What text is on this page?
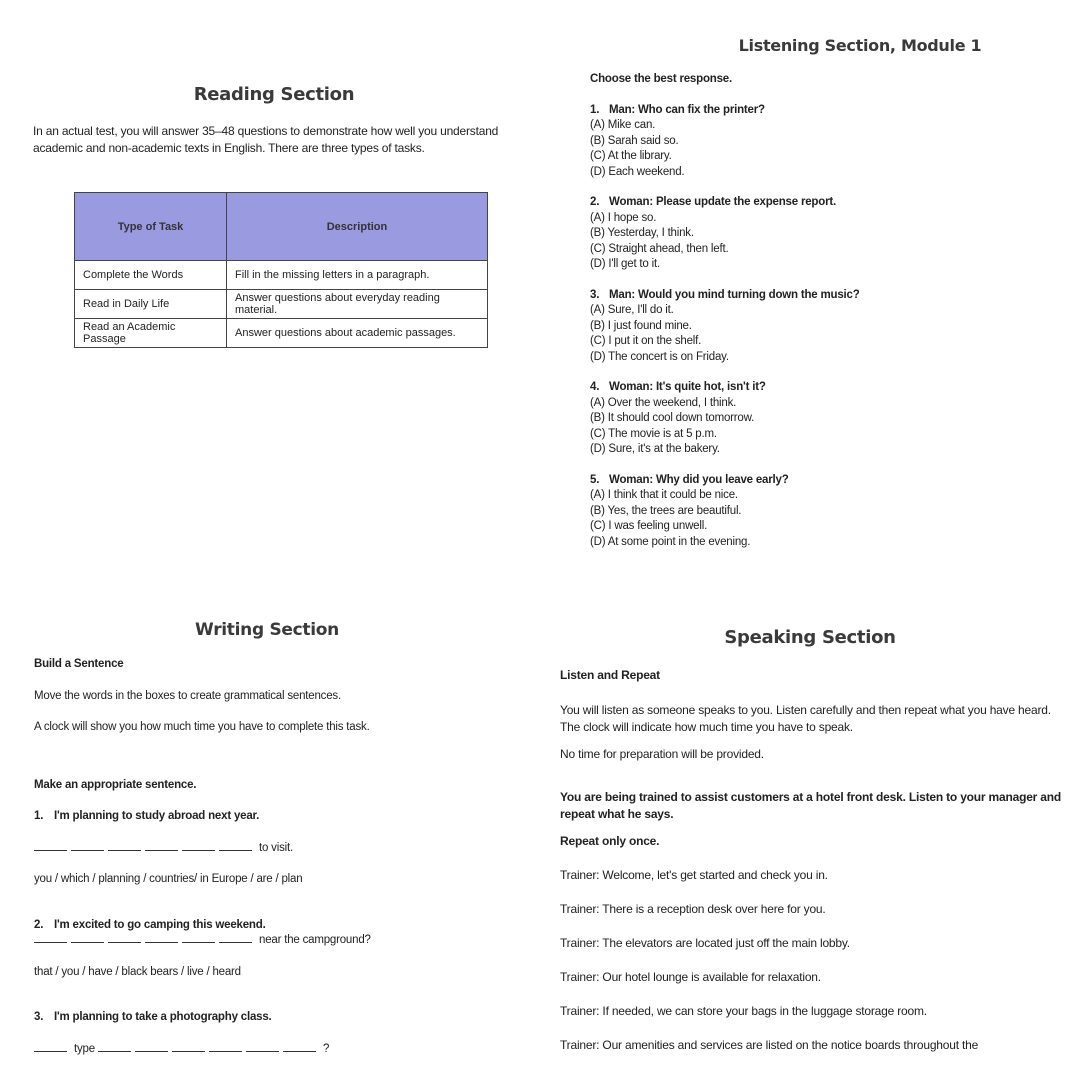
Reading Section

In an actual test, you will answer 35–48 questions to demonstrate how well you understand academic and non-academic texts in English. There are three types of tasks.

Type of Task	Description
Complete the Words	Fill in the missing letters in a paragraph.
Read in Daily Life	Answer questions about everyday reading material.
Read an Academic Passage	Answer questions about academic passages.
Listening Section, Module 1
Choose the best response.
1. Man: Who can fix the printer?
(A) Mike can.
(B) Sarah said so.
(C) At the library.
(D) Each weekend.
2. Woman: Please update the expense report.
(A) I hope so.
(B) Yesterday, I think.
(C) Straight ahead, then left.
(D) I'll get to it.
3. Man: Would you mind turning down the music?
(A) Sure, I'll do it.
(B) I just found mine.
(C) I put it on the shelf.
(D) The concert is on Friday.
4. Woman: It's quite hot, isn't it?
(A) Over the weekend, I think.
(B) It should cool down tomorrow.
(C) The movie is at 5 p.m.
(D) Sure, it's at the bakery.
5. Woman: Why did you leave early?
(A) I think that it could be nice.
(B) Yes, the trees are beautiful.
(C) I was feeling unwell.
(D) At some point in the evening.
Writing Section

Build a Sentence

Move the words in the boxes to create grammatical sentences.

A clock will show you how much time you have to complete this task.

Make an appropriate sentence.

1. I'm planning to study abroad next year.

to visit.

you / which / planning / countries/ in Europe / are / plan

2. I'm excited to go camping this weekend.

near the campground?

that / you / have / black bears / live / heard

3. I'm planning to take a photography class.

type	?

Speaking Section

Listen and Repeat

You will listen as someone speaks to you. Listen carefully and then repeat what you have heard. The clock will indicate how much time you have to speak.

No time for preparation will be provided.

You are being trained to assist customers at a hotel front desk. Listen to your manager and repeat what he says.

Repeat only once.

Trainer: Welcome, let's get started and check you in.

Trainer: There is a reception desk over here for you.

Trainer: The elevators are located just off the main lobby.

Trainer: Our hotel lounge is available for relaxation.

Trainer: If needed, we can store your bags in the luggage storage room.

Trainer: Our amenities and services are listed on the notice boards throughout the
